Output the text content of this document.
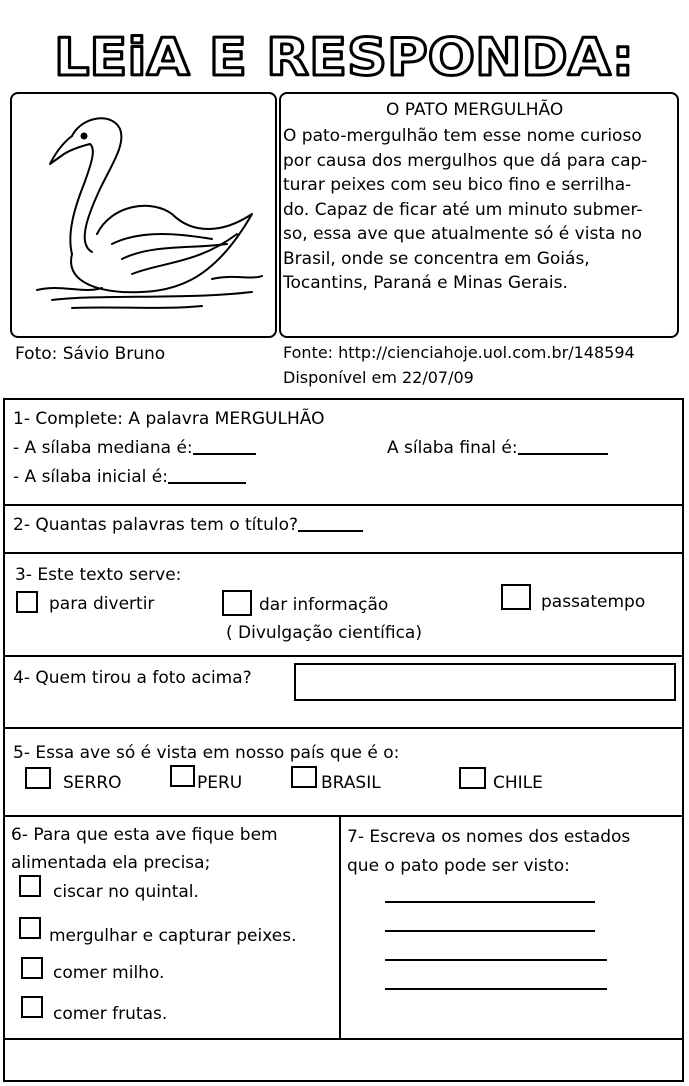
LEiA E RESPONDA:
O PATO MERGULHÃO
O pato-mergulhão tem esse nome curioso
por causa dos mergulhos que dá para cap-
turar peixes com seu bico fino e serrilha-
do. Capaz de ficar até um minuto submer-
so, essa ave que atualmente só é vista no
Brasil, onde se concentra em Goiás,
Tocantins, Paraná e Minas Gerais.
Foto: Sávio Bruno	Fonte: http://cienciahoje.uol.com.br/148594
Disponível em 22/07/09
1- Complete: A palavra MERGULHÃO
- A sílaba mediana é:	A sílaba final é:
- A sílaba inicial é:
2- Quantas palavras tem o título?
3- Este texto serve:
para divertir	dar informação
( Divulgação científica)
passatempo
4- Quem tirou a foto acima?
5- Essa ave só é vista em nosso país que é o:
SERRO	PERU	BRASIL	CHILE
6- Para que esta ave fique bem
alimentada ela precisa;
ciscar no quintal.
mergulhar e capturar peixes.
comer milho.
comer frutas.
7- Escreva os nomes dos estados
que o pato pode ser visto:
